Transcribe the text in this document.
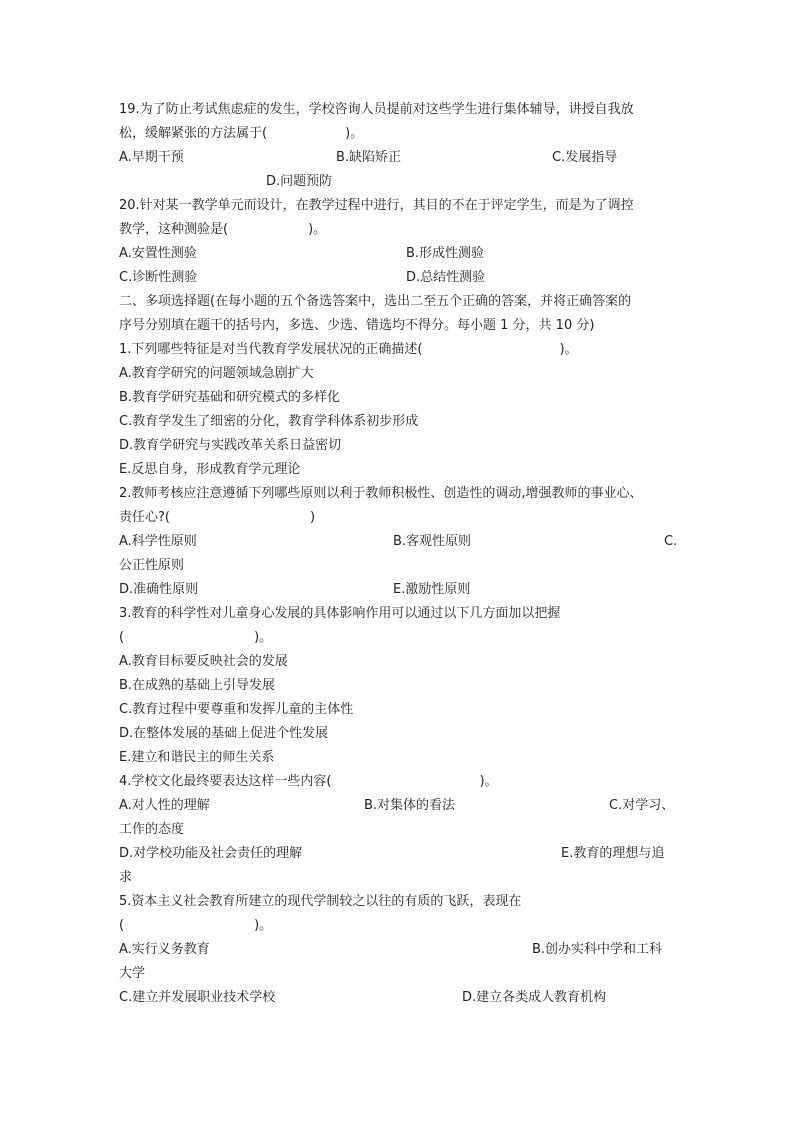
19.为了防止考试焦虑症的发生，学校咨询人员提前对这些学生进行集体辅导，讲授自我放
松，缓解紧张的方法属于(	)。
A.早期干预	B.缺陷矫正	C.发展指导
D.问题预防
20.针对某一教学单元而设计，在教学过程中进行，其目的不在于评定学生，而是为了调控
教学，这种测验是(	)。
A.安置性测验	B.形成性测验
C.诊断性测验	D.总结性测验
二、多项选择题(在每小题的五个备选答案中，选出二至五个正确的答案，并将正确答案的
序号分别填在题干的括号内，多选、少选、错选均不得分。每小题 1 分，共 10 分)
1.下列哪些特征是对当代教育学发展状况的正确描述(	)。
A.教育学研究的问题领域急剧扩大
B.教育学研究基础和研究模式的多样化
C.教育学发生了细密的分化，教育学科体系初步形成
D.教育学研究与实践改革关系日益密切
E.反思自身，形成教育学元理论
2.教师考核应注意遵循下列哪些原则以利于教师积极性、创造性的调动,增强教师的事业心、
责任心?(	)
A.科学性原则	B.客观性原则	C.
公正性原则
D.准确性原则	E.激励性原则
3.教育的科学性对儿童身心发展的具体影响作用可以通过以下几方面加以把握
(	)。
A.教育目标要反映社会的发展
B.在成熟的基础上引导发展
C.教育过程中要尊重和发挥儿童的主体性
D.在整体发展的基础上促进个性发展
E.建立和谐民主的师生关系
4.学校文化最终要表达这样一些内容(	)。
A.对人性的理解	B.对集体的看法	C.对学习、
工作的态度
D.对学校功能及社会责任的理解	E.教育的理想与追
求
5.资本主义社会教育所建立的现代学制较之以往的有质的飞跃，表现在
(	)。
A.实行义务教育	B.创办实科中学和工科
大学
C.建立并发展职业技术学校	D.建立各类成人教育机构
